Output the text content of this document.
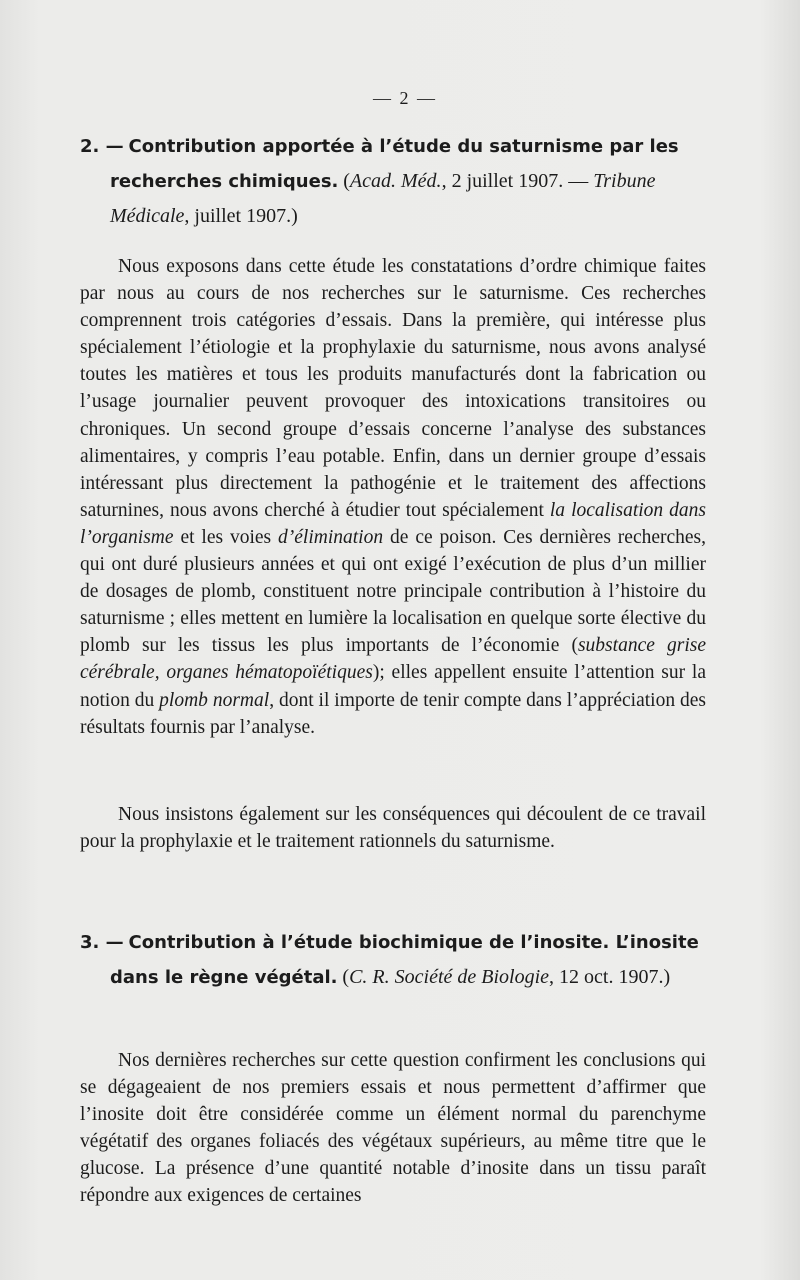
— 2 —
2. — Contribution apportée à l’étude du saturnisme par les recherches chimiques. (Acad. Méd., 2 juillet 1907. — Tribune Médicale, juillet 1907.)

Nous exposons dans cette étude les constatations d’ordre chimique faites par nous au cours de nos recherches sur le saturnisme. Ces recherches comprennent trois catégories d’essais. Dans la première, qui intéresse plus spécialement l’étiologie et la prophylaxie du saturnisme, nous avons analysé toutes les matières et tous les produits manufacturés dont la fabrication ou l’usage journalier peuvent provoquer des intoxications transitoires ou chroniques. Un second groupe d’essais concerne l’analyse des substances alimentaires, y compris l’eau potable. Enfin, dans un dernier groupe d’essais intéressant plus directement la pathogénie et le traitement des affections saturnines, nous avons cherché à étudier tout spécialement la localisation dans l’organisme et les voies d’élimination de ce poison. Ces dernières recherches, qui ont duré plusieurs années et qui ont exigé l’exécution de plus d’un millier de dosages de plomb, constituent notre principale contribution à l’histoire du saturnisme ; elles mettent en lumière la localisation en quelque sorte élective du plomb sur les tissus les plus importants de l’économie (substance grise cérébrale, organes hématopoïétiques); elles appellent ensuite l’attention sur la notion du plomb normal, dont il importe de tenir compte dans l’appréciation des résultats fournis par l’analyse.

Nous insistons également sur les conséquences qui découlent de ce travail pour la prophylaxie et le traitement rationnels du saturnisme.

3. — Contribution à l’étude biochimique de l’inosite. L’inosite dans le règne végétal. (C. R. Société de Biologie, 12 oct. 1907.)

Nos dernières recherches sur cette question confirment les conclusions qui se dégageaient de nos premiers essais et nous permettent d’affirmer que l’inosite doit être considérée comme un élément normal du parenchyme végétatif des organes foliacés des végétaux supérieurs, au même titre que le glucose. La présence d’une quantité notable d’inosite dans un tissu paraît répondre aux exigences de certaines
